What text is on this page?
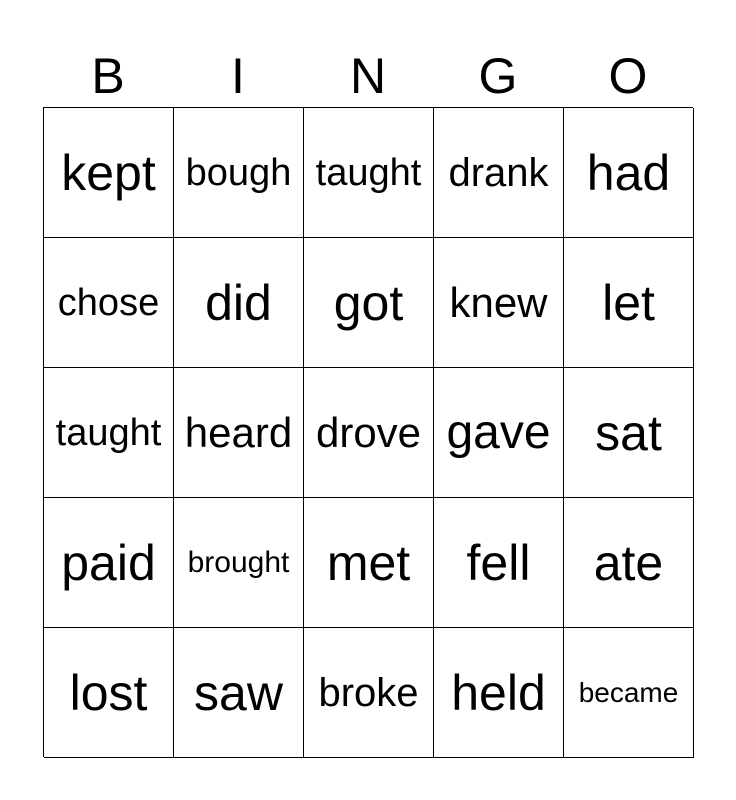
B	I	N	G	O
kept bough taught drank had
chose did got knew let
taught heard drove gave sat
paid brought met fell ate
lost saw broke held became
